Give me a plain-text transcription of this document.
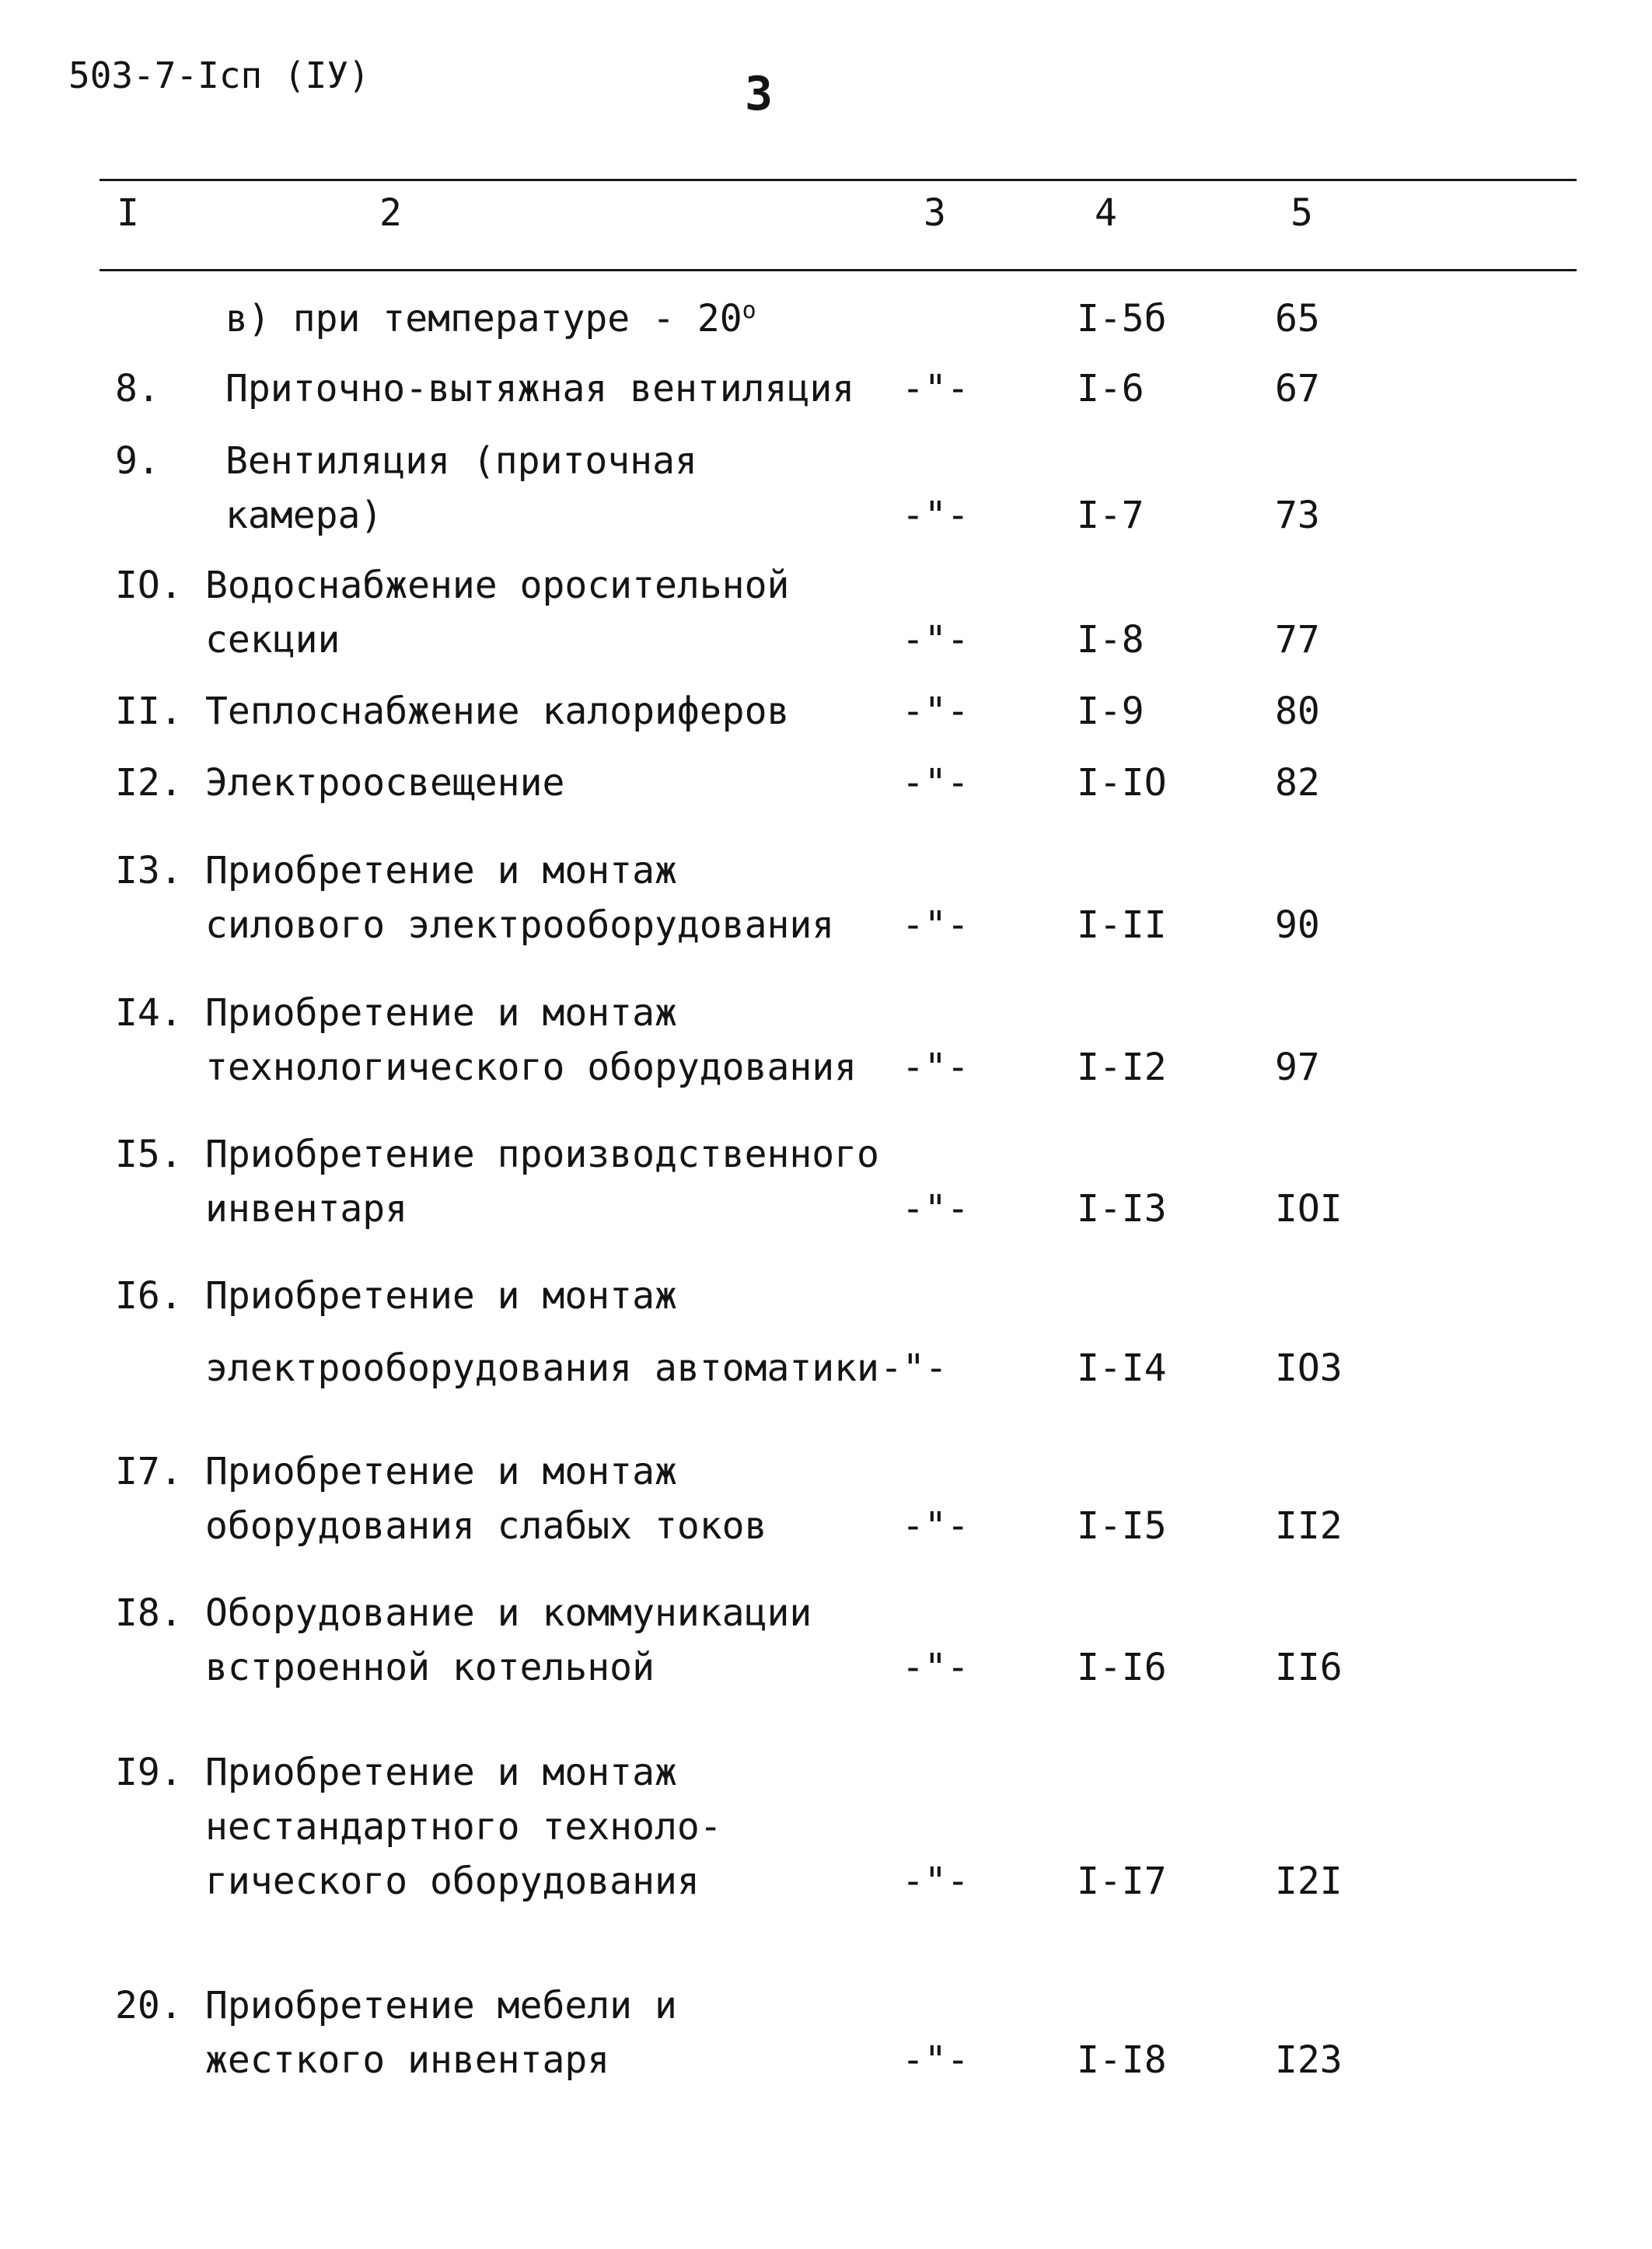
503-7-Iсп (IУ)	3
I	2	3	4	5
в) при температуре - 20$^o$	I-5б	65
8. Приточно-вытяжная вентиляция -"-	I-6	67
9. Вентиляция (приточная
камера)	-"-	I-7	73
IO. Водоснабжение оросительной
секции	-"-	I-8	77
II. Теплоснабжение калориферов	-"-	I-9	80
I2. Электроосвещение	-"-	I-IO	82
I3. Приобретение и монтаж
силового электрооборудования -"-	I-II	90
I4. Приобретение и монтаж
технологического оборудования -"-	I-I2	97
I5. Приобретение производственного
инвентаря	-"-	I-I3	IOI
I6. Приобретение и монтаж
электрооборудования автоматики -"-	I-I4	IO3
I7. Приобретение и монтаж
оборудования слабых токов	-"-	I-I5	II2
I8. Оборудование и коммуникации
встроенной котельной	-"-	I-I6	II6
I9. Приобретение и монтаж
нестандартного техноло-
гического оборудования	-"-	I-I7	I2I
20. Приобретение мебели и
жесткого инвентаря	-"-	I-I8	I23
